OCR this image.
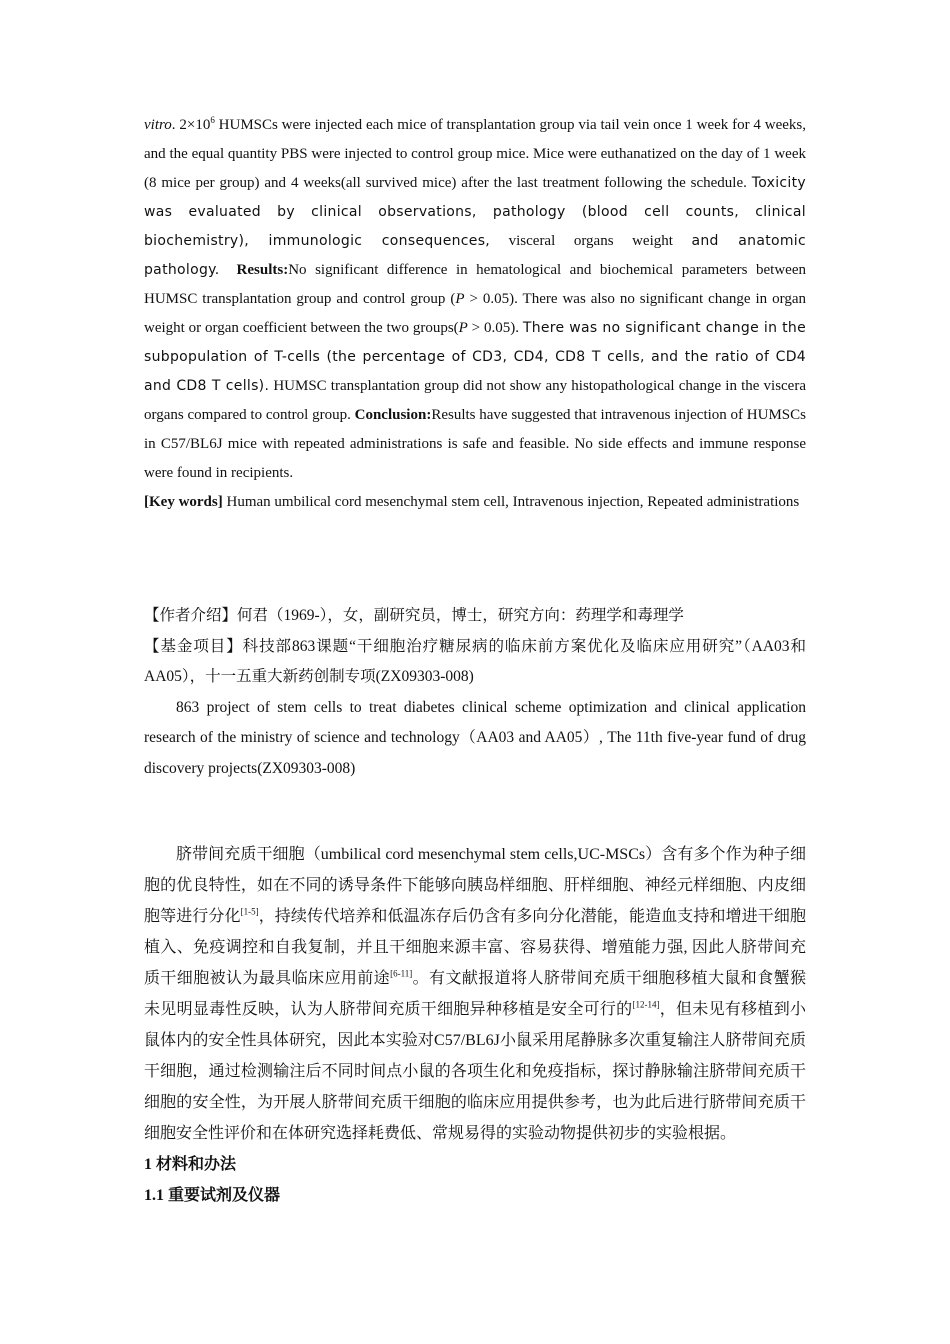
vitro. $2\times 10^6$ HUMSCs were injected each mice of transplantation group via tail vein once 1 week for 4 weeks, and the equal quantity PBS were injected to control group mice. Mice were euthanatized on the day of 1 week (8 mice per group) and 4 weeks(all survived mice) after the last treatment following the schedule. Toxicity was evaluated by clinical observations, pathology (blood cell counts, clinical biochemistry), immunologic consequences, visceral organs weight and anatomic pathology. Results:No significant difference in hematological and biochemical parameters between HUMSC transplantation group and control group (P > 0.05). There was also no significant change in organ weight or organ coefficient between the two groups(P > 0.05). There was no significant change in the subpopulation of T-cells (the percentage of CD3, CD4, CD8 T cells, and the ratio of CD4 and CD8 T cells). HUMSC transplantation group did not show any histopathological change in the viscera organs compared to control group. Conclusion:Results have suggested that intravenous injection of HUMSCs in C57/BL6J mice with repeated administrations is safe and feasible. No side effects and immune response were found in recipients.

[Key words] Human umbilical cord mesenchymal stem cell, Intravenous injection, Repeated administrations

【作者介绍】何君（1969-），女，副研究员，博士，研究方向：药理学和毒理学

【基金项目】科技部863课题“干细胞治疗糖尿病的临床前方案优化及临床应用研究”（AA03和AA05），十一五重大新药创制专项(ZX09303-008)

863 project of stem cells to treat diabetes clinical scheme optimization and clinical application research of the ministry of science and technology（AA03 and AA05）, The 11th five-year fund of drug discovery projects(ZX09303-008)

脐带间充质干细胞（umbilical cord mesenchymal stem cells,UC-MSCs）含有多个作为种子细胞的优良特性，如在不同的诱导条件下能够向胰岛样细胞、肝样细胞、神经元样细胞、内皮细胞等进行分化[1-5]，持续传代培养和低温冻存后仍含有多向分化潜能，能造血支持和增进干细胞植入、免疫调控和自我复制，并且干细胞来源丰富、容易获得、增殖能力强, 因此人脐带间充质干细胞被认为最具临床应用前途[6-11]。有文献报道将人脐带间充质干细胞移植大鼠和食蟹猴未见明显毒性反映，认为人脐带间充质干细胞异种移植是安全可行的[12-14]，但未见有移植到小鼠体内的安全性具体研究，因此本实验对C57/BL6J小鼠采用尾静脉多次重复输注人脐带间充质干细胞，通过检测输注后不同时间点小鼠的各项生化和免疫指标，探讨静脉输注脐带间充质干细胞的安全性，为开展人脐带间充质干细胞的临床应用提供参考，也为此后进行脐带间充质干细胞安全性评价和在体研究选择耗费低、常规易得的实验动物提供初步的实验根据。

1 材料和办法

1.1 重要试剂及仪器
